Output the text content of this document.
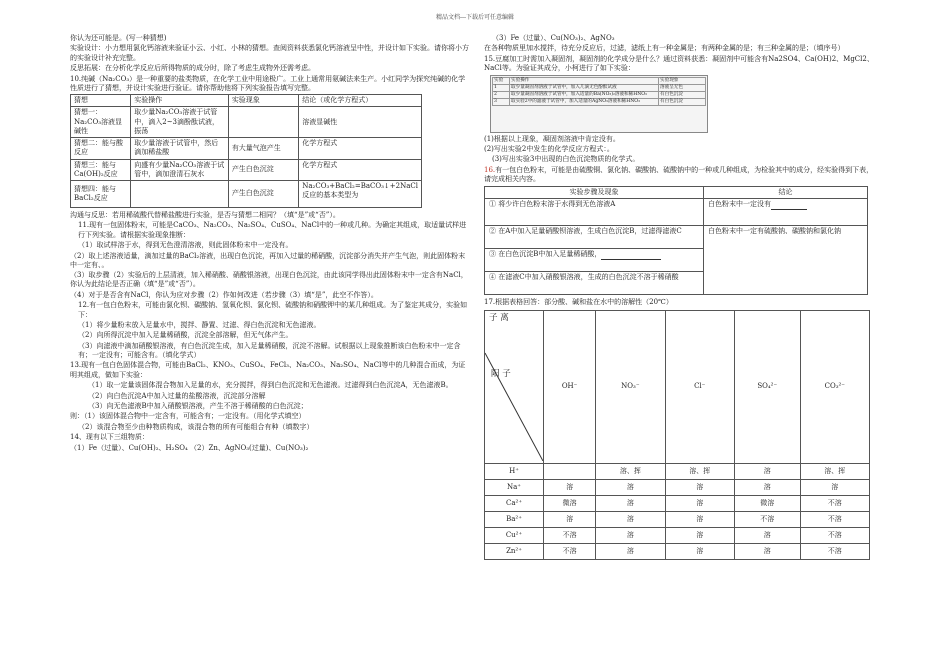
精品文档---下载后可任意编辑

你认为还可能是。(写一种猜想)

实验设计：小力想用氯化钙溶液来验证小云、小红、小林的猜想。查阅资料获悉氯化钙溶液呈中性，并设计如下实验。请你将小方的实验设计补充完整。

反思拓展：在分析化学反应后所得物质的成分时，除了考虑生成物外还需考虑。

10.纯碱（Na₂CO₃）是一种重要的盐类物质，在化学工业中用途极广。工业上通常用氨碱法来生产。小红同学为探究纯碱的化学性质进行了猜想，并设计实验进行验证。请你帮助他将下列实验报告填写完整。

猜想	实验操作	实验现象	结论（或化学方程式）
猜想一：Na₂CO₃溶液显碱性	取少量Na₂CO₃溶液于试管中，滴入2~3滴酚酞试液，振荡		溶液显碱性
猜想二：能与酸反应	取少量溶液于试管中，然后滴加稀盐酸	有大量气泡产生	化学方程式
猜想三：能与Ca(OH)₂反应	向盛有少量Na₂CO₃溶液于试管中，滴加澄清石灰水	产生白色沉淀	化学方程式
猜想四：能与BaCl₂反应		产生白色沉淀	Na₂CO₃+BaCl₂=BaCO₃↓+2NaCl 反应的基本类型为

沟通与反思：若用稀硫酸代替稀盐酸进行实验，是否与猜想二相同？（填“是”或“否”）。

11.现有一包固体粉末，可能是CaCO₃、Na₂CO₃、Na₂SO₄、CuSO₄、NaCl中的一种或几种。为确定其组成，取适量试样进行下列实验。请根据实验现象推断：

（1）取试样溶于水，得到无色澄清溶液，则此固体粉末中一定没有。

（2）取上述溶液适量，滴加过量的BaCl₂溶液，出现白色沉淀，再加入过量的稀硝酸，沉淀部分消失并产生气泡，则此固体粉末中一定有、。

（3）取步骤（2）实验后的上层清液，加入稀硝酸、硝酸银溶液，出现白色沉淀，由此该同学得出此固体粉末中一定含有NaCl，你认为此结论是否正确（填“是”或“否”）。

（4）对于是否含有NaCl，你认为应对步骤（2）作如何改进（若步骤（3）填“是”，此空不作答）。

12.有一包白色粉末，可能由氯化钡、碳酸钠、氢氧化钡、氯化钡、硫酸钠和硝酸钾中的某几种组成。为了鉴定其成分，实验如下：

（1）将少量粉末放入足量水中，搅拌、静置、过滤、得白色沉淀和无色滤液。

（2）向所得沉淀中加入足量稀硝酸，沉淀全部溶解，但无气体产生。

（3）向滤液中滴加硝酸银溶液，有白色沉淀生成，加入足量稀硝酸，沉淀不溶解。试根据以上现象推断该白色粉末中一定含有；一定没有；可能含有。（填化学式）

13.现有一包白色固体混合物，可能由BaCl₂、KNO₃、CuSO₄、FeCl₃、Na₂CO₃、Na₂SO₄、NaCl等中的几种混合而成，为证明其组成，做如下实验：

（1）取一定量该固体混合物加入足量的水，充分搅拌，得到白色沉淀和无色滤液。过滤得到白色沉淀A，无色滤液B。

（2）向白色沉淀A中加入过量的盐酸溶液，沉淀部分溶解

（3）向无色滤液B中加入硝酸银溶液，产生不溶于稀硝酸的白色沉淀；

则：（1）该固体混合物中一定含有，可能含有；一定没有。（用化学式填空）

（2）该混合物至少由种物质构成，该混合物的所有可能组合有种（填数字）

14、现有以下三组物质：

（1）Fe（过量）、Cu(OH)₂、H₂SO₄ （2）Zn、AgNO₃(过量)、Cu(NO₃)₂

（3）Fe（过量）、Cu(NO₃)₂、AgNO₃

在各种物质里加水搅拌，待充分反应后，过滤，滤纸上有一种金属是；有两种金属的是；有三种金属的是；（填序号）

15.豆腐加工时需加入凝固剂，凝固剂的化学成分是什么？通过资料获悉：凝固剂中可能含有Na2SO4、Ca(OH)2、MgCl2、NaCl等。为验证其成分，小柯进行了如下实验：

实验	实验操作	实验现象
1	取少量凝固剂溶液于试管中，加入几滴无色酚酞试液	溶液呈无色
2	取少量凝固剂溶液于试管中，加入适量的Ba(NO₃)₂溶液和稀HNO₃	有白色沉淀
3	取实验2中的滤液于试管中，加入适量的AgNO₃溶液和稀HNO₃	有白色沉淀

(1)根据以上现象，凝固剂溶液中肯定没有。

(2)写出实验2中发生的化学反应方程式：。

(3)写出实验3中出现的白色沉淀物质的化学式。

16.有一包白色粉末，可能是由硫酸铜、氯化钠、碳酸钠、硫酸钠中的一种或几种组成，为检验其中的成分，经实验得到下表，请完成相关内容。

实验步骤及现象	结论
① 将少许白色粉末溶于水得到无色溶液A	白色粉末中一定没有
② 在A中加入足量硝酸钡溶液，生成白色沉淀B，过滤得滤液C	白色粉末中一定有硫酸钠、碳酸钠和氯化钠
③ 在白色沉淀B中加入足量稀硝酸，	
④ 在滤液C中加入硝酸银溶液，生成的白色沉淀不溶于稀硝酸	

17.根据表格回答：部分酸、碱和盐在水中的溶解性（20℃）

子 离
阳 子	OH⁻	NO₃⁻	Cl⁻	SO₄²⁻	CO₃²⁻
H⁺		溶、挥	溶、挥	溶	溶、挥
Na⁺	溶	溶	溶	溶	溶
Ca²⁺	微溶	溶	溶	微溶	不溶
Ba²⁺	溶	溶	溶	不溶	不溶
Cu²⁺	不溶	溶	溶	溶	不溶
Zn²⁺	不溶	溶	溶	溶	不溶
